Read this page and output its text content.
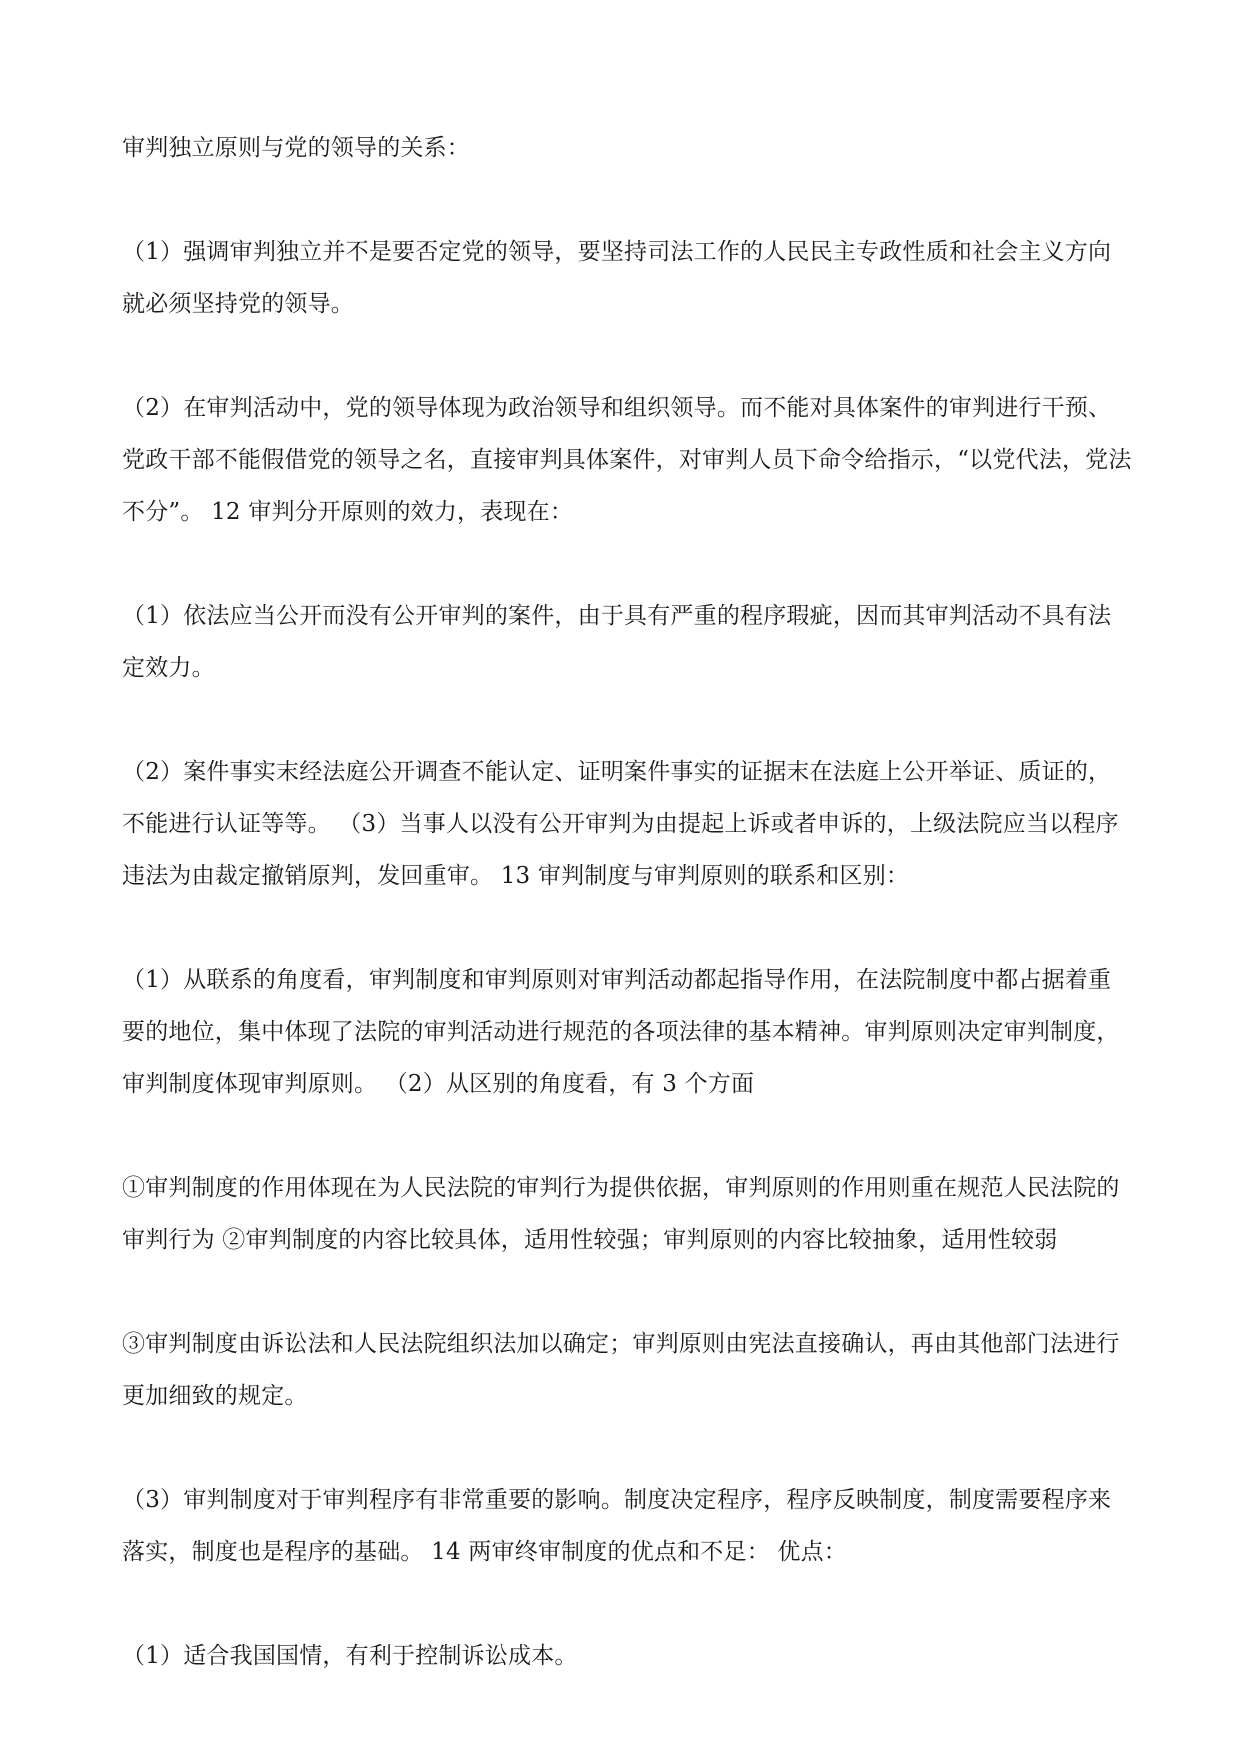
审判独立原则与党的领导的关系：

（1）强调审判独立并不是要否定党的领导，要坚持司法工作的人民民主专政性质和社会主义方向就必须坚持党的领导。

（2）在审判活动中，党的领导体现为政治领导和组织领导。而不能对具体案件的审判进行干预、党政干部不能假借党的领导之名，直接审判具体案件，对审判人员下命令给指示，“以党代法，党法不分”。 12 审判分开原则的效力，表现在：

（1）依法应当公开而没有公开审判的案件，由于具有严重的程序瑕疵，因而其审判活动不具有法定效力。

（2）案件事实末经法庭公开调查不能认定、证明案件事实的证据末在法庭上公开举证、质证的，不能进行认证等等。 （3）当事人以没有公开审判为由提起上诉或者申诉的，上级法院应当以程序违法为由裁定撤销原判，发回重审。 13 审判制度与审判原则的联系和区别：

（1）从联系的角度看，审判制度和审判原则对审判活动都起指导作用，在法院制度中都占据着重要的地位，集中体现了法院的审判活动进行规范的各项法律的基本精神。审判原则决定审判制度，审判制度体现审判原则。 （2）从区别的角度看，有 3 个方面

①审判制度的作用体现在为人民法院的审判行为提供依据，审判原则的作用则重在规范人民法院的审判行为 ②审判制度的内容比较具体，适用性较强；审判原则的内容比较抽象，适用性较弱

③审判制度由诉讼法和人民法院组织法加以确定；审判原则由宪法直接确认，再由其他部门法进行更加细致的规定。

（3）审判制度对于审判程序有非常重要的影响。制度决定程序，程序反映制度，制度需要程序来落实，制度也是程序的基础。 14 两审终审制度的优点和不足： 优点：

（1）适合我国国情，有利于控制诉讼成本。
